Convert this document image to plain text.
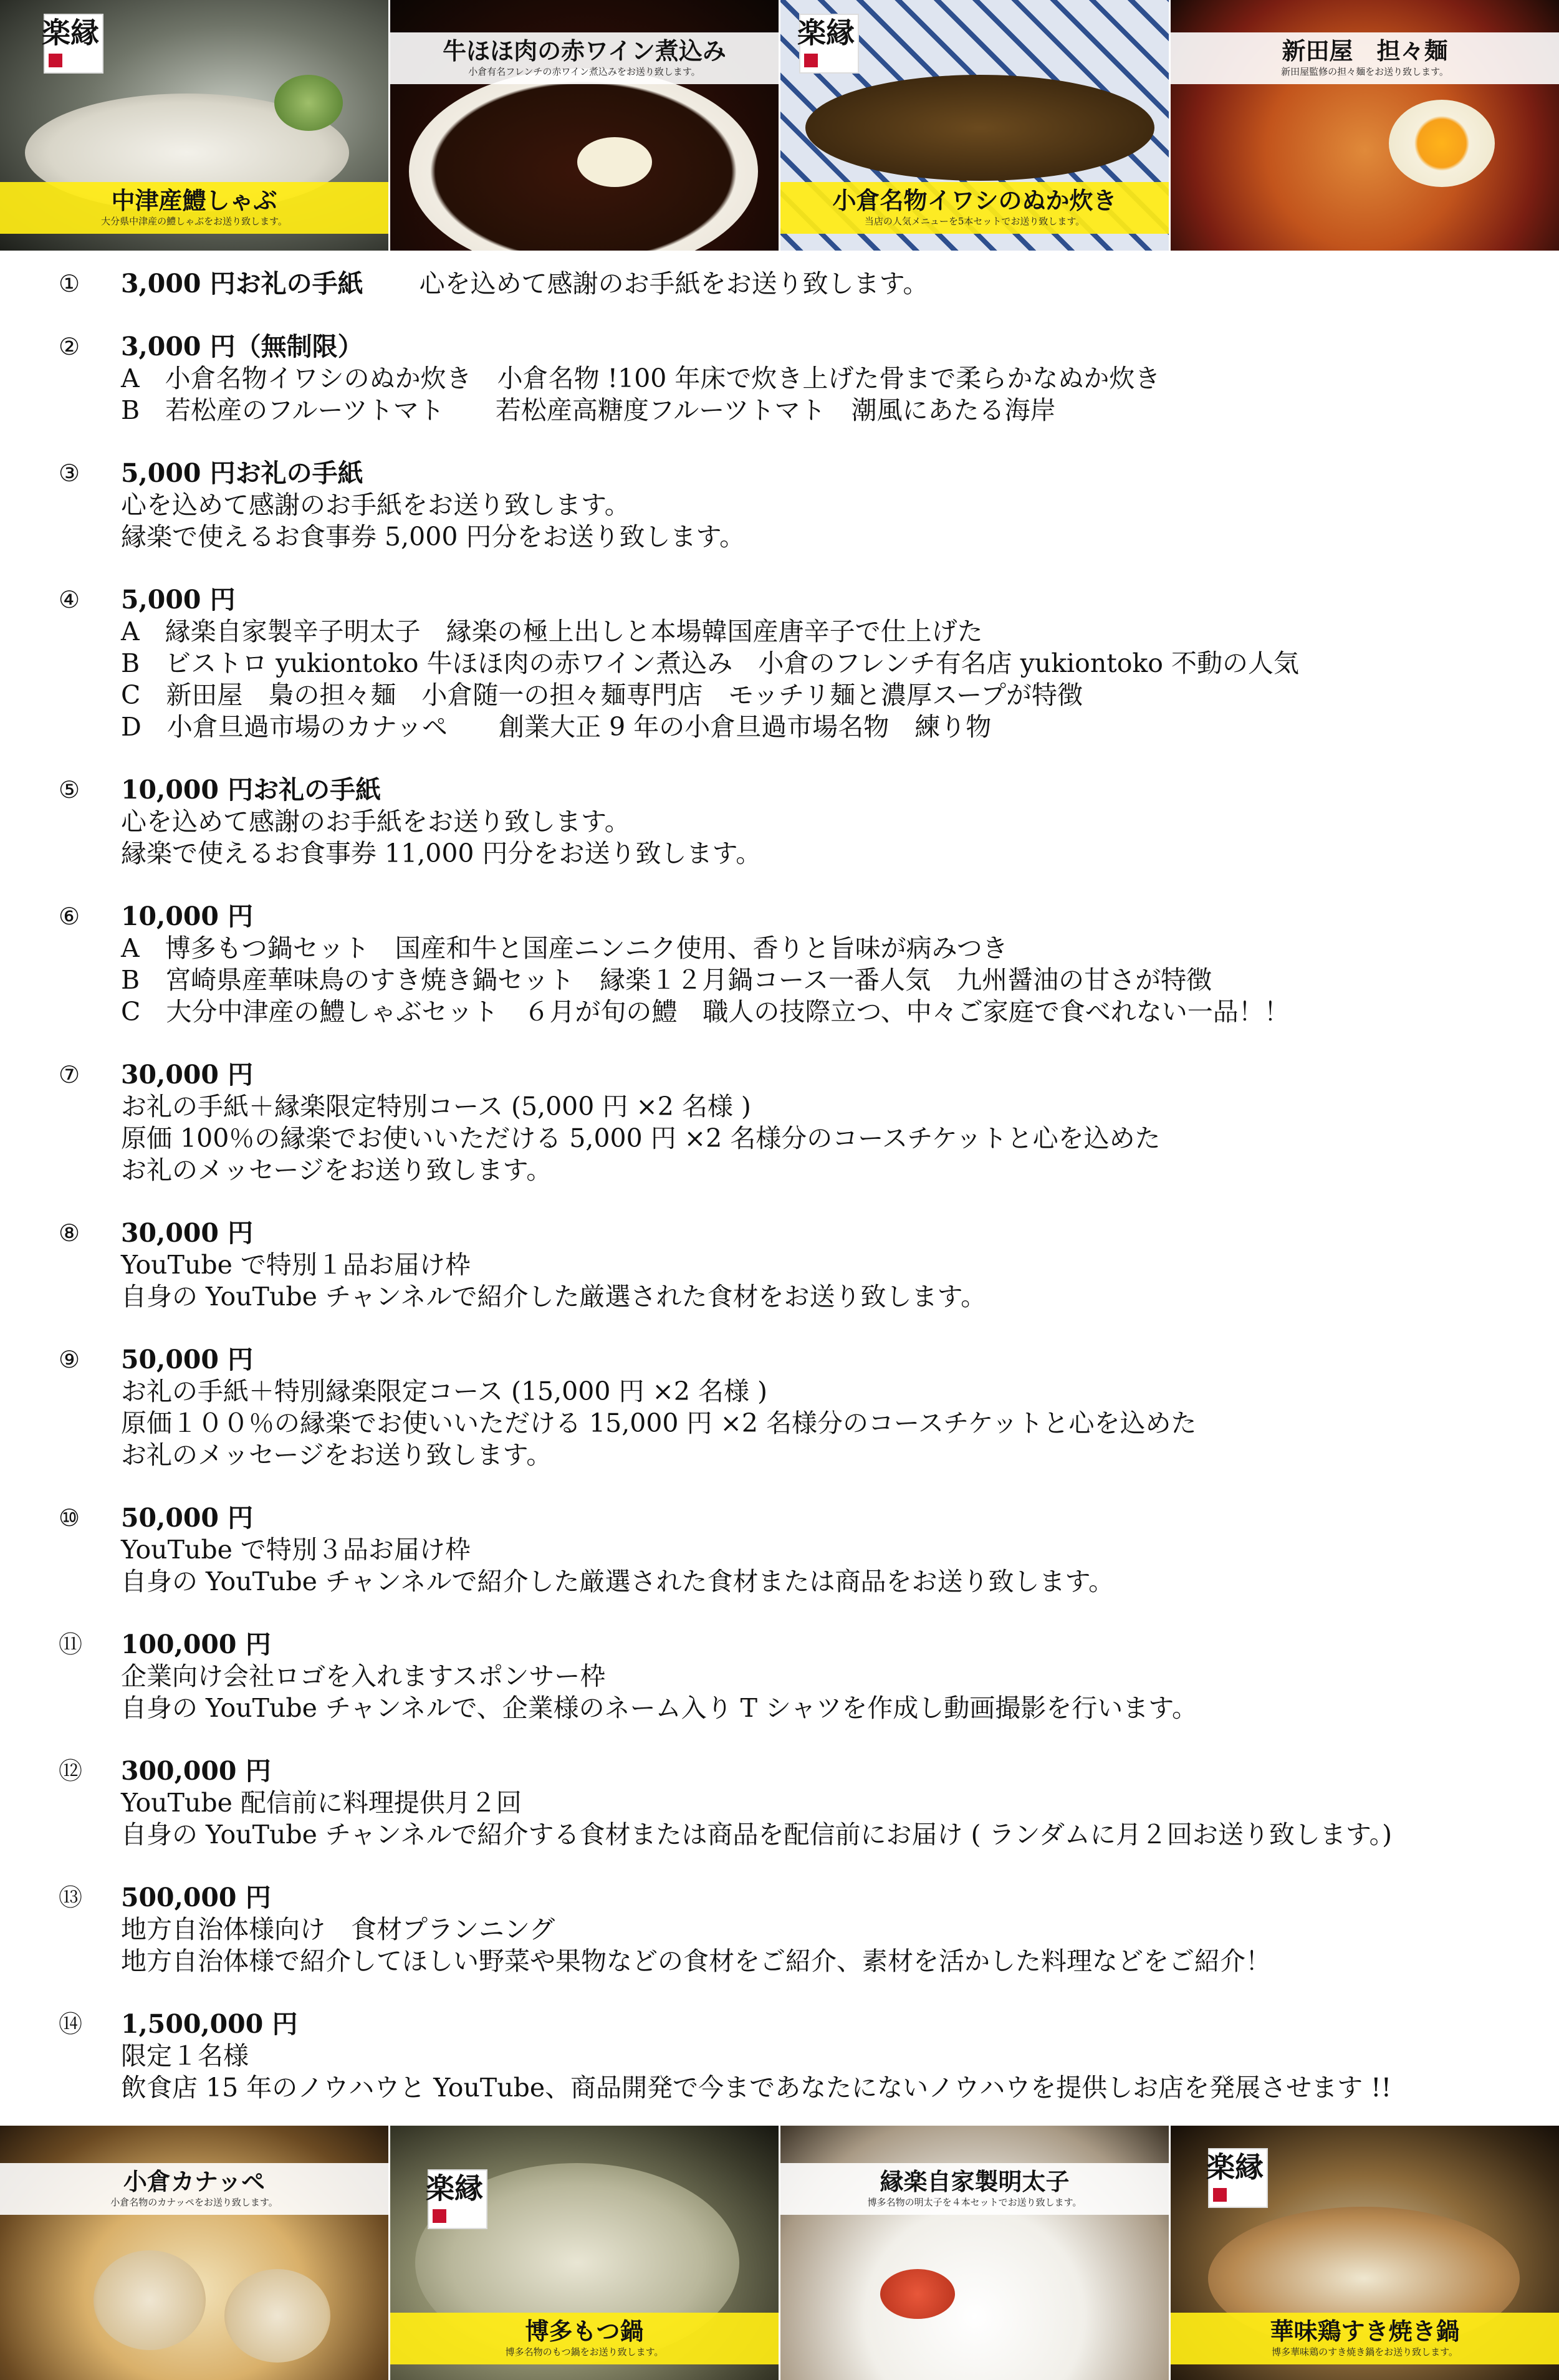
縁楽
中津産鱧しゃぶ
大分県中津産の鱧しゃぶをお送り致します。
牛ほほ肉の赤ワイン煮込み
小倉有名フレンチの赤ワイン煮込みをお送り致します。
縁楽
小倉名物イワシのぬか炊き
当店の人気メニューを5本セットでお送り致します。
新田屋　担々麺
新田屋監修の担々麺をお送り致します。
①	3,000 円お礼の手紙 心を込めて感謝のお手紙をお送り致します。
②	3,000 円（無制限）
A　小倉名物イワシのぬか炊き　小倉名物 !100 年床で炊き上げた骨まで柔らかなぬか炊き
B　若松産のフルーツトマト　　若松産高糖度フルーツトマト　潮風にあたる海岸
③	5,000 円お礼の手紙
心を込めて感謝のお手紙をお送り致します。
縁楽で使えるお食事券 5,000 円分をお送り致します。
④	5,000 円
A　縁楽自家製辛子明太子　縁楽の極上出しと本場韓国産唐辛子で仕上げた
B　ビストロ yukiontoko 牛ほほ肉の赤ワイン煮込み　小倉のフレンチ有名店 yukiontoko 不動の人気
C　新田屋　梟の担々麺　小倉随一の担々麺専門店　モッチリ麺と濃厚スープが特徴
D　小倉旦過市場のカナッペ　　創業大正 9 年の小倉旦過市場名物　練り物
⑤	10,000 円お礼の手紙
心を込めて感謝のお手紙をお送り致します。
縁楽で使えるお食事券 11,000 円分をお送り致します。
⑥	10,000 円
A　博多もつ鍋セット　国産和牛と国産ニンニク使用、香りと旨味が病みつき
B　宮崎県産華味鳥のすき焼き鍋セット　縁楽１２月鍋コース一番人気　九州醤油の甘さが特徴
C　大分中津産の鱧しゃぶセット　６月が旬の鱧　職人の技際立つ、中々ご家庭で食べれない一品！！
⑦	30,000 円
お礼の手紙＋縁楽限定特別コース (5,000 円 ×2 名様 )
原価 100％の縁楽でお使いいただける 5,000 円 ×2 名様分のコースチケットと心を込めた
お礼のメッセージをお送り致します。
⑧	30,000 円
YouTube で特別１品お届け枠
自身の YouTube チャンネルで紹介した厳選された食材をお送り致します。
⑨	50,000 円
お礼の手紙＋特別縁楽限定コース (15,000 円 ×2 名様 )
原価１００％の縁楽でお使いいただける 15,000 円 ×2 名様分のコースチケットと心を込めた
お礼のメッセージをお送り致します。
⑩	50,000 円
YouTube で特別３品お届け枠
自身の YouTube チャンネルで紹介した厳選された食材または商品をお送り致します。
⑪	100,000 円
企業向け会社ロゴを入れますスポンサー枠
自身の YouTube チャンネルで、企業様のネーム入り T シャツを作成し動画撮影を行います。
⑫	300,000 円
YouTube 配信前に料理提供月２回
自身の YouTube チャンネルで紹介する食材または商品を配信前にお届け ( ランダムに月２回お送り致します。)
⑬	500,000 円
地方自治体様向け　食材プランニング
地方自治体様で紹介してほしい野菜や果物などの食材をご紹介、素材を活かした料理などをご紹介！
⑭	1,500,000 円
限定１名様
飲食店 15 年のノウハウと YouTube、商品開発で今まであなたにないノウハウを提供しお店を発展させます !!
小倉カナッペ
小倉名物のカナッペをお送り致します。
縁楽
博多もつ鍋
博多名物のもつ鍋をお送り致します。
縁楽自家製明太子
博多名物の明太子を４本セットでお送り致します。
縁楽
華味鶏すき焼き鍋
博多華味鶏のすき焼き鍋をお送り致します。
